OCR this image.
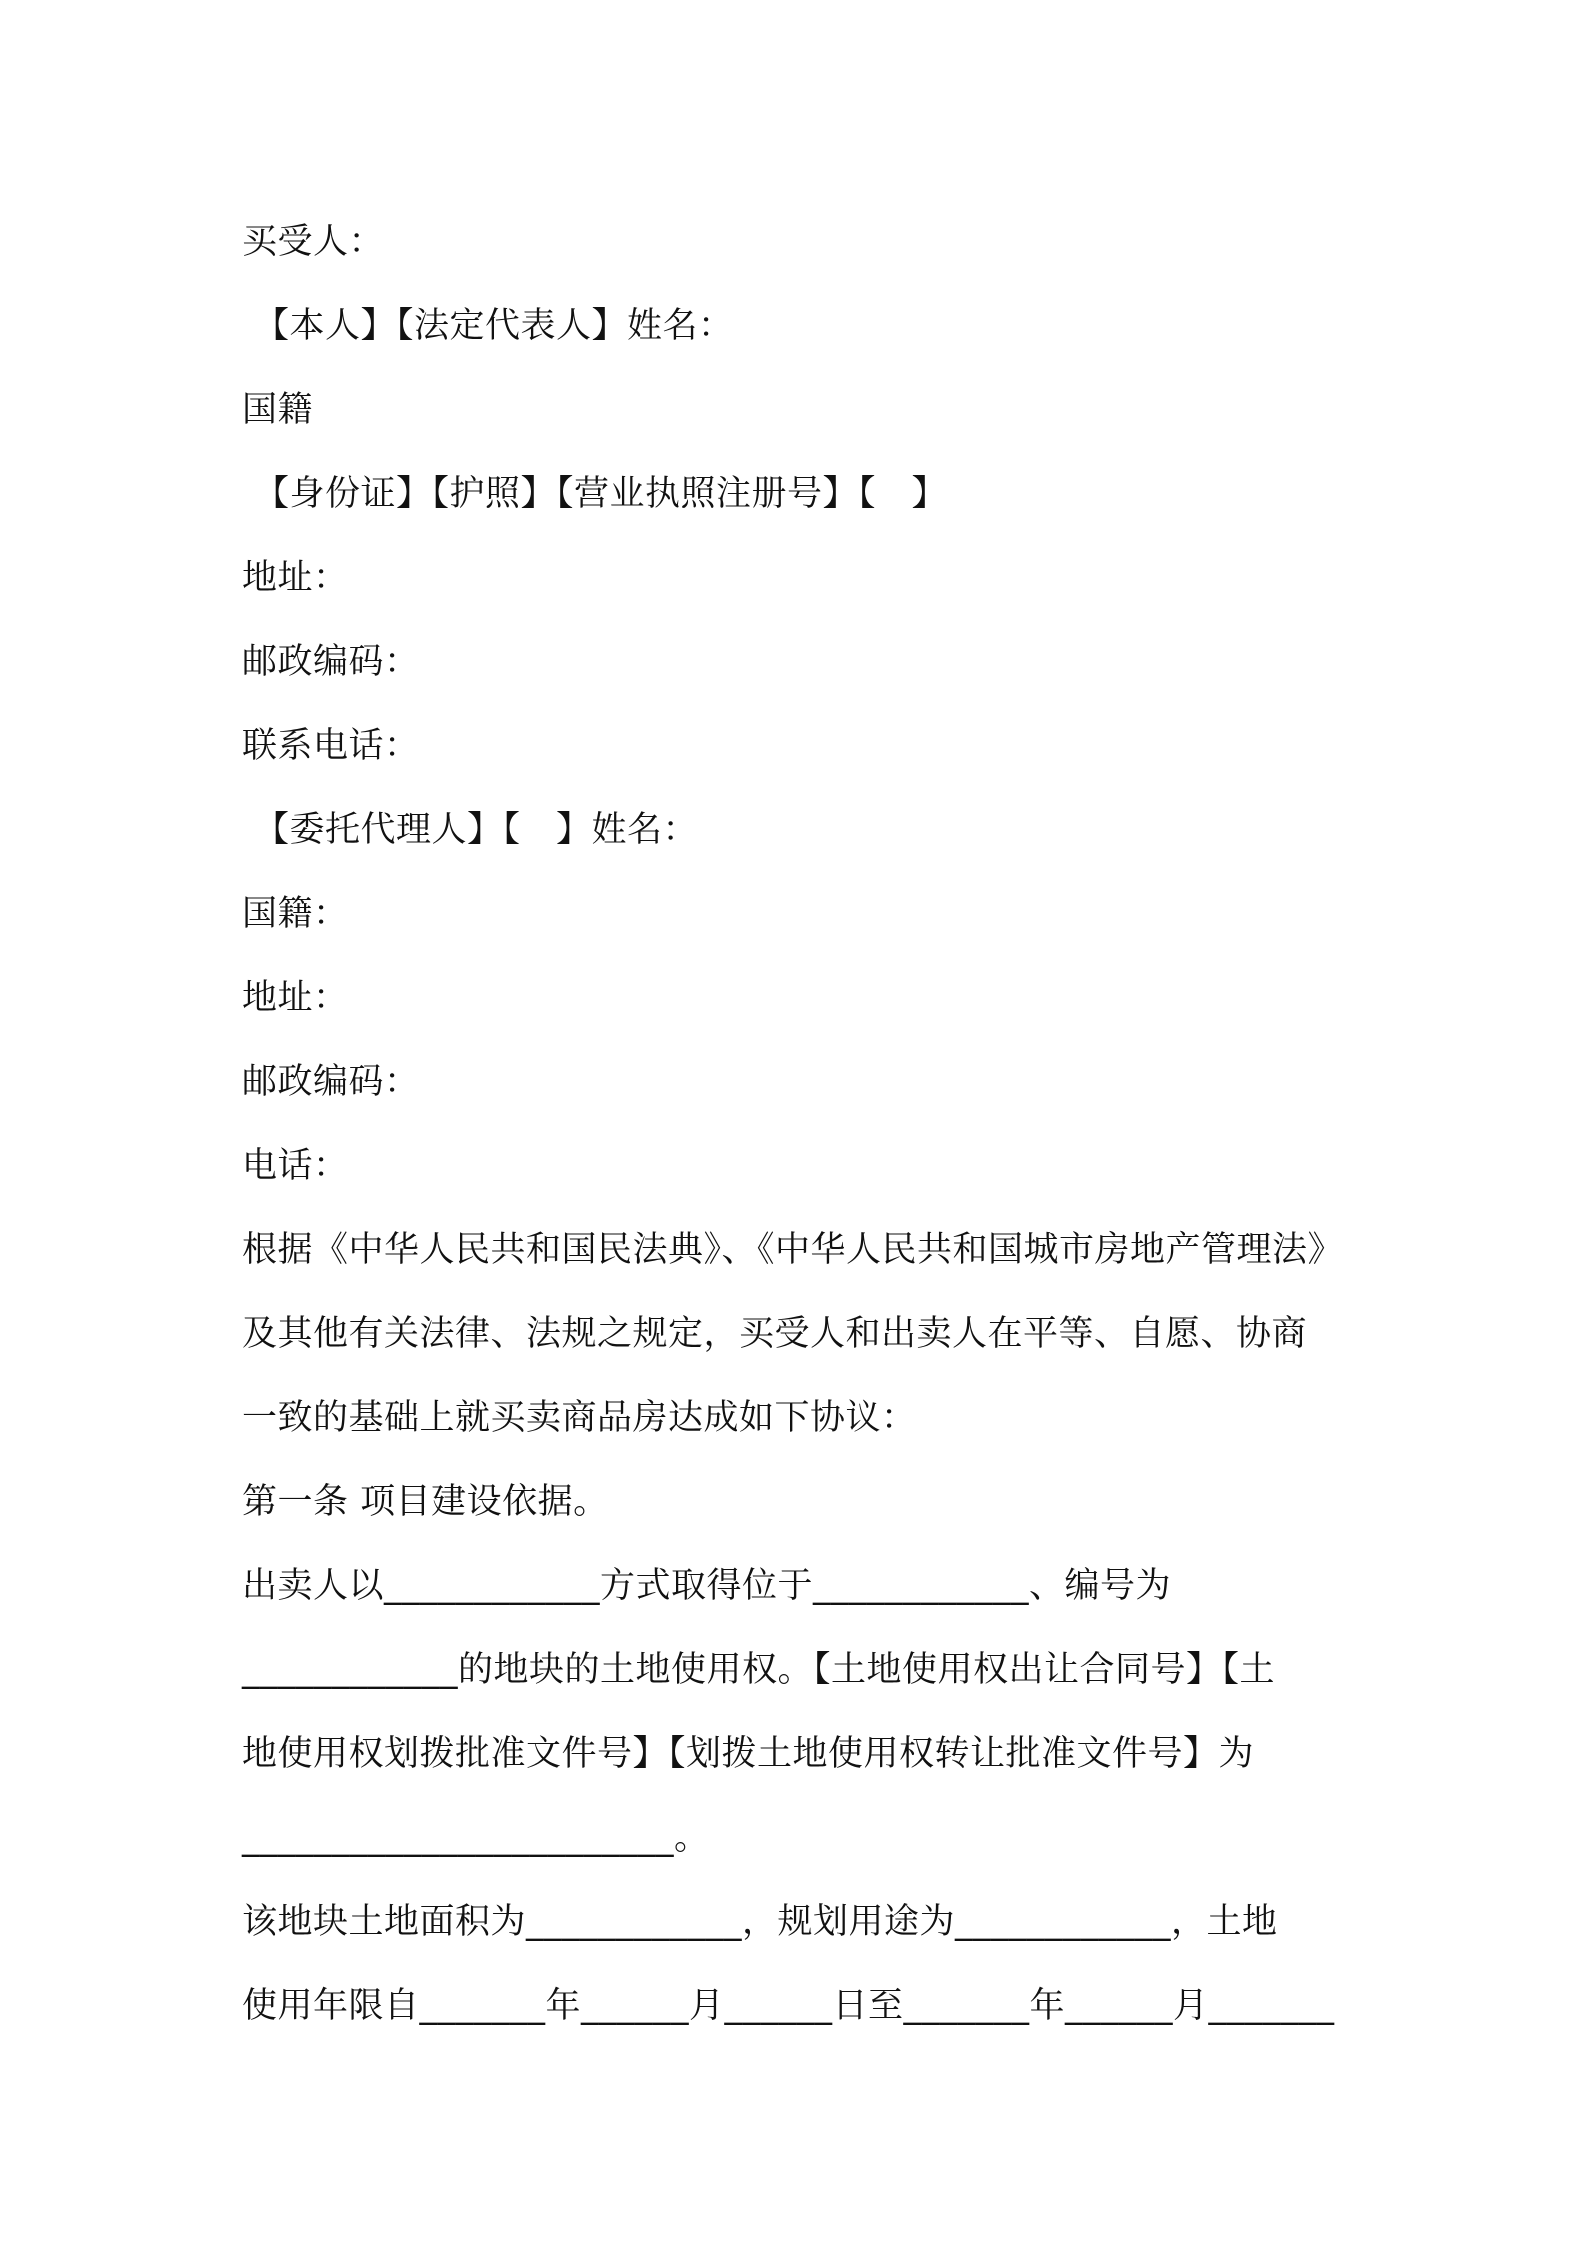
买受人：
【本人】【法定代表人】姓名：
国籍
【身份证】【护照】【营业执照注册号】【　】
地址：
邮政编码：
联系电话：
【委托代理人】【　】姓名：
国籍：
地址：
邮政编码：
电话：
根据《中华人民共和国民法典》、《中华人民共和国城市房地产管理法》
及其他有关法律、法规之规定，买受人和出卖人在平等、自愿、协商
一致的基础上就买卖商品房达成如下协议：
第一条 项目建设依据。
出卖人以____________方式取得位于____________、编号为
____________的地块的土地使用权。【土地使用权出让合同号】【土
地使用权划拨批准文件号】【划拨土地使用权转让批准文件号】为
________________________。
该地块土地面积为____________，规划用途为____________，土地
使用年限自_______年______月______日至_______年______月_______
